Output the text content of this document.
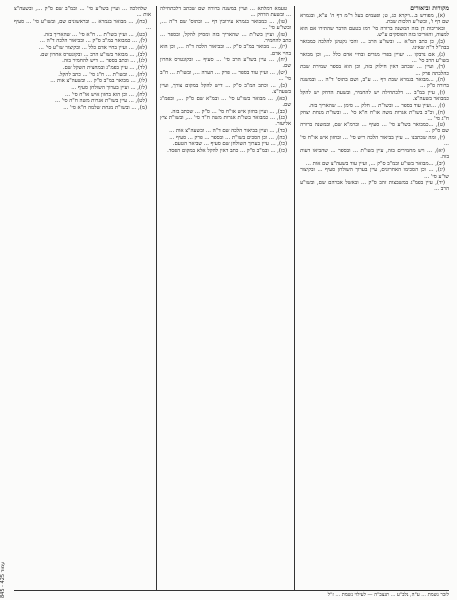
מקורות וביאורים

(א), מפורש ב...ויקרא כג, ט; ופעמים בעל ר"מ דף ה' ע"א, ובגמרא שם דף ו', ובשו"ע הלכות שבת.

ובאריכות דן בזה המשנה ברורה סי' רמז בטעם הדבר שהתירו אם הוא למצוה, והאריכו בזה הפוסקים ע"ש.

(ב), כן כתב המ"א ... ובשו"ע הרב ... והכי נקטינן להלכה כמבואר בבה"ל ד"ה שאינו.

(ג), אם נדבקו ... יעויין בפרי מגדים ובחיי אדם כלל ..., וכן מבואר בשו"ע הרב סי' ...

(ד), ועיין ... שכתב דאין חילוק בזה, וכן הוא בספר שמירת שבת כהלכתה פרק ...

(ה), ...מבואר בגמרא שבת דף ... ע"ב, ושם בתוס' ד"ה ... ובמשנה ברורה ס"ק ...

(ו), עיין במ"ב ... דלכתחילה יש להחמיר, ובשעת הדחק יש להקל כמבואר בשעה"צ.

(ז), ...ועיין עוד בספר ... ובשו"ת ... חלק ... סימן ... שהאריך בזה.

(ח), וכ"כ בשו"ת אגרות משה או"ח ח"א סי' ... ובשו"ת מנחת יצחק ח"ג סי' ...

(ט), ...כמבואר בשו"ע סי' ... סעיף ... וברמ"א שם, ובמשנה ברורה שם ס"ק ...

(י), ומה שכתבנו ... עיין בביאור הלכה ריש סי' ... ובחזון איש או"ח סי' ...

(יא), ... ויש מחמירים בזה, עיין בשו"ת ... ובספר ... שהביאו דעות בזה.

(יב), ...מבואר בשו"ע ובמ"ב ס"ק ..., ועיין עוד בשעה"צ שם אות ...

(יג), ... וכן הסכימו האחרונים, עיין בערוך השולחן סעיף ... ובקיצור שו"ע סי' ...

(יד), עיין בפמ"ג במשבצות זהב ס"ק ... ובאשל אברהם שם, ובשו"ע הרב ...

טעמא דמלתא ... ועיין במשנה ברורה שם שכתב דלכתחילה ... ובשעת הדחק ...

(טו), ... כמבואר בגמרא עירובין דף ... ובתוס' שם ד"ה ..., ובשו"ע סי' ...

(טז), ועיין בשו"ת ... שהאריך בזה ומסיק להקל, ובספר ... כתב להחמיר.

(יז), ... מבואר במ"ב ס"ק ... ובביאור הלכה ד"ה ..., וכן הוא בחיי אדם.

(יח), ... עיין בשו"ע הרב סי' ... סעיף ... ובקונטרס אחרון שם.

(יט), ... ועיין עוד בספר ... פרק ... הערה ..., ובשו"ת ... ח"ב סי' ...

(כ), ... וכתב המ"ב ס"ק ... דיש להקל במקום צורך, ועיין בשעה"צ.

(כא), ... מבואר בשו"ע סי' ... ובמ"א שם ס"ק ..., ובפמ"ג שם.

(כב), ... ועיין בחזון איש או"ח סי' ... ס"ק ... שכתב בזה.

(כג), ... כמבואר בשו"ת אגרות משה ח"ד סי' ..., ובשו"ת ציץ אליעזר.

(כד), ... ועיין בביאור הלכה שם ד"ה ... ובשעה"צ אות ...

(כה), ... וכן הסכים בשו"ת ... ובספר ... פרק ... סעיף ...

(כו), ... עיין בערוך השולחן שם סעיף ... שביאר הטעם.

(כז), ... ובמ"ב ס"ק ... כתב דאין להקל אלא במקום הפסד.

שלהלכה ... ועיין בשו"ע סי' ... ובמ"ב שם ס"ק ..., ובשעה"צ אות ...

(כח), ... מבואר בגמרא ... ובראשונים שם, ובשו"ע סי' ... סעיף ...

(כט), ... ועיין בשו"ת ... ח"א סי' ... שהאריך בזה.

(ל), ... כמבואר במ"ב ס"ק ... ובביאור הלכה ד"ה ...

(לא), ... ועיין בחיי אדם כלל ... ובקיצור שו"ע סי' ...

(לב), ... מבואר בשו"ע הרב ... ובקונטרס אחרון שם.

(לג), ... וכתב בספר ... דיש להחמיר בזה.

(לד), ... עיין בפמ"ג ובמחצית השקל שם.

(לה), ... ובשו"ת ... ח"ג סי' ... כתב להקל.

(לו), ... מבואר במ"ב ס"ק ... ובשעה"צ אות ...

(לז), ... ועיין בערוך השולחן סעיף ...

(לח), ... וכן הוא בחזון איש או"ח סי' ...

(לט), ... עיין בשו"ת אגרות משה ח"ה סי' ...

(מ), ... ובשו"ת מנחת שלמה ח"א סי' ...

לזכר נשמת ... ע"ה, נלב"ע ... תנצב"ה — לעילוי נשמת ... ז"ל
845 - 425 עמוד
